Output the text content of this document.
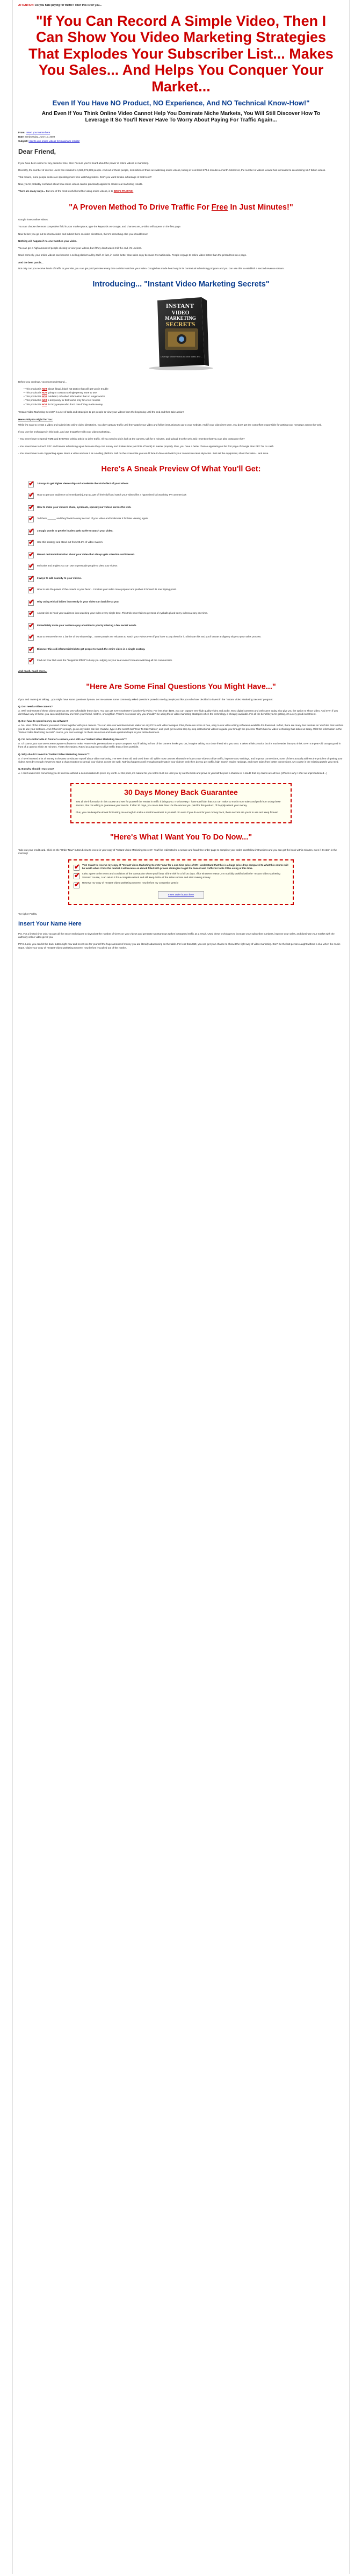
ATTENTION: Do you hate paying for traffic? Then this is for you...

"If You Can Record A Simple Video, Then I Can Show You Video Marketing Strategies That Explodes Your Subscriber List... Makes You Sales... And Helps You Conquer Your Market...
Even If You Have NO Product, NO Experience, And NO Technical Know-How!"
And Even If You Think Online Video Cannot Help You Dominate Niche Markets, You Will Still Discover How To Leverage It So You'll Never Have To Worry About Paying For Traffic Again...

From: Insert your name here

Date: Wednesday, June 10, 2009

Subject: How to use online videos for maximum results!

Dear Friend,

If you have been online for any period of time, then I'm sure you've heard about the power of online videos in marketing.

Recently, the number of internet users has climbed to 1,581,571,589 people. And out of these people, 146 million of them are watching online videos, tuning in to at least 273.1 minutes a month. Moreover, the number of videos viewed has increased to an amazing 12.7 billion videos.

That means, more people online are spending more time watching videos. Don't you want to take advantage of that trend?

Now, you're probably confused about how online videos can be practically applied to create real marketing results.

There are many ways... But one of the most useful benefit of using online videos, is to DRIVE TRAFFIC!

"A Proven Method To Drive Traffic For Free In Just Minutes!"

Google loves online videos.

You can choose the most competitive field in your market place; type the keywords on Google, and chances are, a video will appear on the first page.

Now before you go out to shoot a video and submit them on video directories, there's something else you should know:

Nothing will happen if no-one watches your video.

You can get a high amount of people clicking to view your videos, but if they don't watch it till the end, it's useless.

Used correctly, your online videos can become a selling platform all by itself. In fact, in works better than sales copy because it's multimedia. People engage to online video better than the printed text on a page.

And the best part is...

Not only can you receive loads of traffic to your site, you can get paid per view every time a visitor watches your video. Google has made head way in its contextual advertising program and you can use this to establish a second revenue stream.

Introducing... "Instant Video Marketing Secrets"
INSTANT
VIDEO
MARKETING
SECRETS
Leverage online videos to drive traffic and ...

Before you continue, you must understand...

• This product is NOT about illegal, black hat tactics that will get you in trouble
• This product is NOT going to cost you a single penny more to use
• This product is NOT outdated, rehashed information that no longer works
• This product is NOT a temporary fix that works only for a few months
• This product is NOT for lazy people who don't care if they made money

"Instant Video Marketing Secrets" is a set of tools and strategies to get people to view your videos from the beginning until the end and then take action!

Here's Why It's Right for You:

While it's easy to create a video and submit it to online video directories, you don't get any traffic until they watch your video and follow instructions to go to your website. And if your video isn't seen, you don't get the cost effort responsible for getting your message across the web.

If you use the techniques in this book, and use it together with your video marketing...

- You never have to spend TIME and ENERGY writing article to drive traffic. All you need to do is look at the camera, talk for 5 minutes, and upload it to the web. Did I mention that you can also outsource this?

- You never have to touch PPC and banner advertising again because they cost money and it takes time (and lots of funds) to master properly. Plus, you have a better chance appearing on the first page of Google than PPC for no cash.

- You never have to do copywriting again. Make a video and use it as a selling platform. Sell on the screen like you would face-to-face and watch your conversion rates skyrocket. Just set the equipment, shoot the video... and save.

Here's A Sneak Preview Of What You'll Get:
✔ 14 ways to get higher viewership and accelerate the viral effect of your videos
✔ How to get your audience to immediately jump up, get off their duff and watch your videos like a hypnotized kid watching TV commercials
✔ How to make your viewers share, syndicate, spread your videos across the web.
✔ Tell them ______ and they'll watch every second of your video and bookmark it for later viewing again.
✔ 3 magic words to get the loudest web surfer to watch your video.
✔ Use this strategy and stand out from 98.2% of video makers.
✔ Reveal certain information about your video that always gets attention and interest.
✔ 66 hooks and angles you can use to persuade people to view your videos
✔ 3 ways to add scarcity to your videos.
✔ How to use the power of the crowds in your favor... it makes your video more popular and pushes it forward its one tipping point.
✔ Why using ethical bribes incorrectly in your video can backfire at you
✔ A neat trick to hook your audience into watching your video every single time. This trick never fails to get tons of eyeballs glued to my videos at any one time.
✔ Immediately make your audience pay attention to you by uttering a few secret words.
✔ How to remove the No. 1 barrier of low viewership... Some people are reluctant to watch your videos even if you have to pay them for it. Eliminate this and you'll create a slippery slope to your sales process.
✔ Discover this old infomercial trick to get people to watch the entire video in a single seating.
✔ Find out how Oldi uses the "Zeigarnik Effect" to keep you edging on your seat even if it means watching all the commercials.

And much, much more...

"Here Are Some Final Questions You Might Have..."

If you and I were just talking... you might have some questions by now. Let me answer some commonly asked questions posed to me by people just like you who later decided to invest in the "Instant Video Marketing Secrets" program:

Q. Do I need a video camera?

A. Well yeah! Most of these video cameras are very affordable these days. You can get every marketer's favorite Flip Video. For less than $100, you can capture very high quality video and audio. Most digital cameras and web cams today also give you the option to shoot video. And even if you don't have any of these, you can easily borrow one from your friend, relative, or neighbor. There's no excuse why you shouldn't be using these video marketing strategies when the technology is cheaply available. For all the benefits you're getting, it's a very good investment.

Q. Do I have to spend money on software?

A. No. Most of the software you need comes together with your camera. You can also use Windows Movie Maker on any PC to edit video footages. Plus, these are some of free, easy to use video editing softwares available for download. In fact, there are many free tutorials on YouTube that teaches you to use your software. And if that isn't enough, go on any video site like Youtube, type in the search bar "How To Edit Videos", and you'll get several step-by-step instructional videos to guide you through the process. That's how far video technology has taken us today. With the information in the "Instant Video Marketing Secrets" course, you can leverage on these resources and make quantum leaps in your online business.

Q. I'm not comfortable in front of a camera, can I still use "Instant Video Marketing Secrets"?

A. Of course, you can use screen capture software to make PowerPoint presentations on your computer. And if talking in front of the camera freaks you out, imagine talking to a close friend who you trust. It takes a little practice but it's much easier than you think. Even a 5-year-old can get good in front of a camera within 30 minutes. That's the easiest. Rated as a top way to drive traffic than 3 lines possible.

Q. Why should I invest in "Instant Video Marketing Secrets"?

A. I have invested a lot of money in the past to educate myself about video marketing. I've seen them all, and used them all. While most courses showed me how to use video to drive traffic, improve SEO rankings, and improve conversions, none of them actually address the problem of getting your videos seen by enough viewers to start a chain reaction to spread your videos across the web. Nothing happens until enough people watch your videos! Only then do you get traffic, high search engine rankings, and more sales from better conversions. My course is the missing puzzle you need.

Q. But why should I trust you?

A. I can't waste time convincing you to trust me without a demonstration to prove my worth. At this point, it's natural for you not to trust me until you try out the book and prove to yourself beyond a shadow of a doubt that my claims are all true. (Which is why I offer an unprecedented...)

30 Days Money Back Guarantee

Test all the information in this course and see for yourself the results in traffic it brings you. It's that easy. I have total faith that you can make so much more sales and profit from using these secrets, that I'm willing to guarantee your results. If after 30 days, you make less than 10x the amount you paid for this product, I'll happily refund your money.

Plus, you can keep the ebook for trusting me enough to make a small investment in yourself. So even if you do ask for your money back, these secrets are yours to use and keep forever!

"Here's What I Want You To Do Now..."

Take out your credit card. Click on the "Order Now" button below to invest in your copy of "Instant Video Marketing Secrets". You'll be redirected to a secure and fraud-free order page to complete your order. Just follow instructions and you can get the book within minutes, even if it's 3am in the morning!

✔ Yes! I want to reserve my copy of "Instant Video Marketing Secrets" now for a one-time price of $7! I understand that this is a huge price drop compared to what this course will be worth when it hits the market. I will receive an ebook filled with proven strategies to get the lowest web traffic for tools I'll be using at this time.
✔ I also agree to the terms and conditions of the transaction where you'll bear all the risk for a full 30 days. If for whatever reason, I'm not fully satisfied with the "Instant Video Marketing Secrets" course, I can return it for a complete refund and still keep 100% of the sales secrets and start making money.
✔ Reserve my copy of "Instant Video Marketing Secrets" now before my competitor gets it!
Insert order button here

To Higher Profits,

Insert Your Name Here

P.S. For a limited time only, you get all the secret techniques to skyrocket the number of views on your videos and generate spontaneous spikes in targeted traffic as a result. Used these techniques to increase your subscriber numbers, improve your sales, and dominate your market with the authority online video gives you.

P.P.S. Look, you can hit the back button right now and never see for yourself the huge amount of money you are literally abandoning on the table. For less than $50, you can get your chance to show it the right way of video marketing. Don't be the last person caught without a clue when the music stops. Claim your copy of "Instant Video Marketing Secrets" now before it's pulled out of the market.
